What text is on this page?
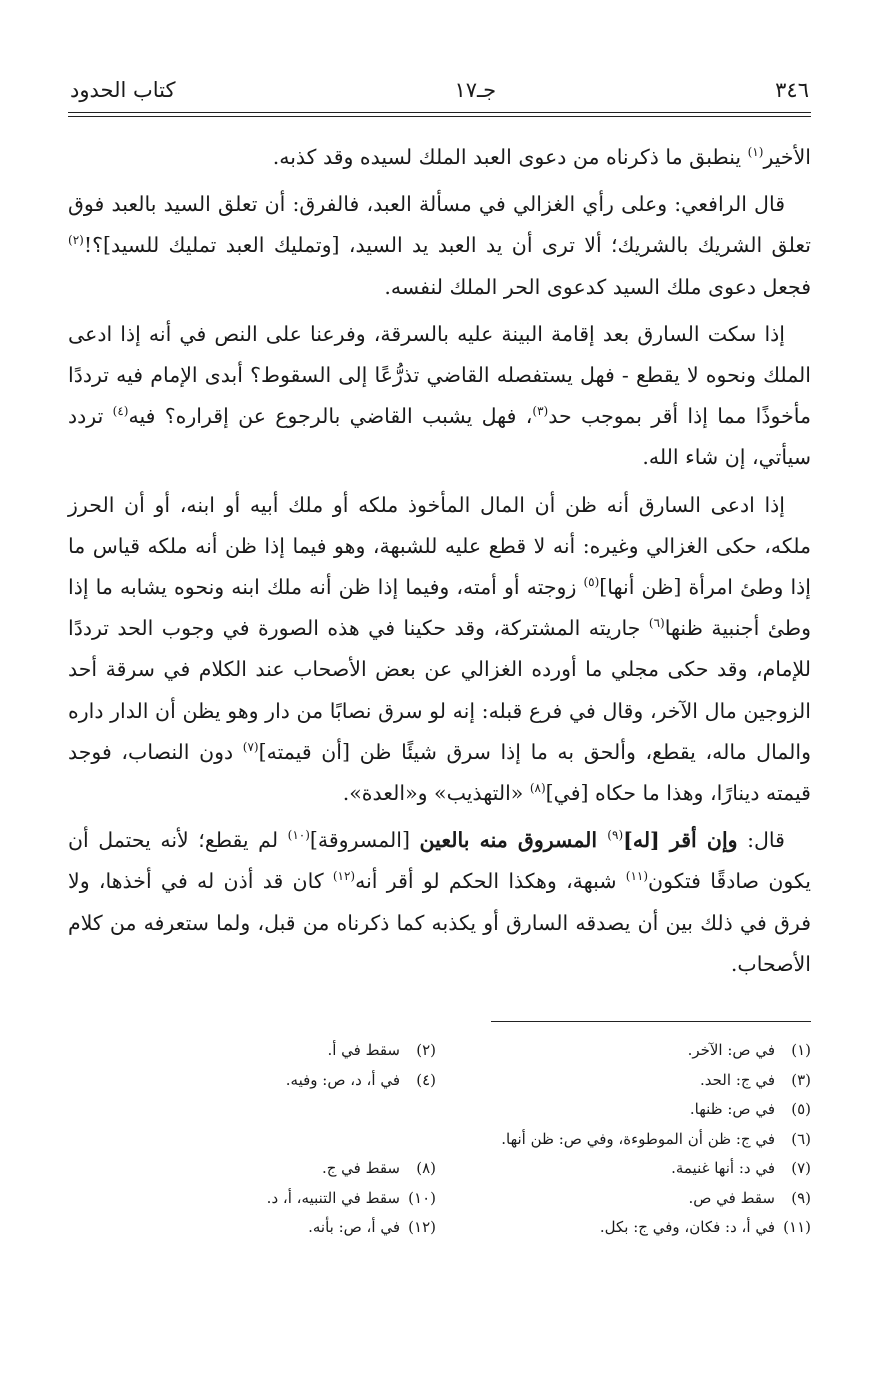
٣٤٦
جـ١٧
كتاب الحدود

الأخير$^{(١)}$ ينطبق ما ذكرناه من دعوى العبد الملك لسيده وقد كذبه.

قال الرافعي: وعلى رأي الغزالي في مسألة العبد، فالفرق: أن تعلق السيد بالعبد فوق تعلق الشريك بالشريك؛ ألا ترى أن يد العبد يد السيد، [وتمليك العبد تمليك للسيد]؟!$^{(٢)}$ فجعل دعوى ملك السيد كدعوى الحر الملك لنفسه.

إذا سكت السارق بعد إقامة البينة عليه بالسرقة، وفرعنا على النص في أنه إذا ادعى الملك ونحوه لا يقطع - فهل يستفصله القاضي تذرُّعًا إلى السقوط؟ أبدى الإمام فيه ترددًا مأخوذًا مما إذا أقر بموجب حد$^{(٣)}$، فهل يشبب القاضي بالرجوع عن إقراره؟ فيه$^{(٤)}$ تردد سيأتي، إن شاء الله.

إذا ادعى السارق أنه ظن أن المال المأخوذ ملكه أو ملك أبيه أو ابنه، أو أن الحرز ملكه، حكى الغزالي وغيره: أنه لا قطع عليه للشبهة، وهو فيما إذا ظن أنه ملكه قياس ما إذا وطئ امرأة [ظن أنها]$^{(٥)}$ زوجته أو أمته، وفيما إذا ظن أنه ملك ابنه ونحوه يشابه ما إذا وطئ أجنبية ظنها$^{(٦)}$ جاريته المشتركة، وقد حكينا في هذه الصورة في وجوب الحد ترددًا للإمام، وقد حكى مجلي ما أورده الغزالي عن بعض الأصحاب عند الكلام في سرقة أحد الزوجين مال الآخر، وقال في فرع قبله: إنه لو سرق نصابًا من دار وهو يظن أن الدار داره والمال ماله، يقطع، وألحق به ما إذا سرق شيئًا ظن [أن قيمته]$^{(٧)}$ دون النصاب، فوجد قيمته دينارًا، وهذا ما حكاه [في]$^{(٨)}$ «التهذيب» و«العدة».

قال: وإن أقر [له]$^{(٩)}$ المسروق منه بالعين [المسروقة]$^{(١٠)}$ لم يقطع؛ لأنه يحتمل أن يكون صادقًا فتكون$^{(١١)}$ شبهة، وهكذا الحكم لو أقر أنه$^{(١٢)}$ كان قد أذن له في أخذها، ولا فرق في ذلك بين أن يصدقه السارق أو يكذبه كما ذكرناه من قبل، ولما ستعرفه من كلام الأصحاب.

(١)في ص: الآخر.
(٢)سقط في أ.
(٣)في ج: الحد.
(٤)في أ، د، ص: وفيه.
(٥)في ص: ظنها.
(٦)في ج: ظن أن الموطوءة، وفي ص: ظن أنها.
(٧)في د: أنها غنيمة.
(٨)سقط في ج.
(٩)سقط في ص.
(١٠)سقط في التنبيه، أ، د.
(١١)في أ، د: فكان، وفي ج: بكل.
(١٢)في أ، ص: بأنه.
